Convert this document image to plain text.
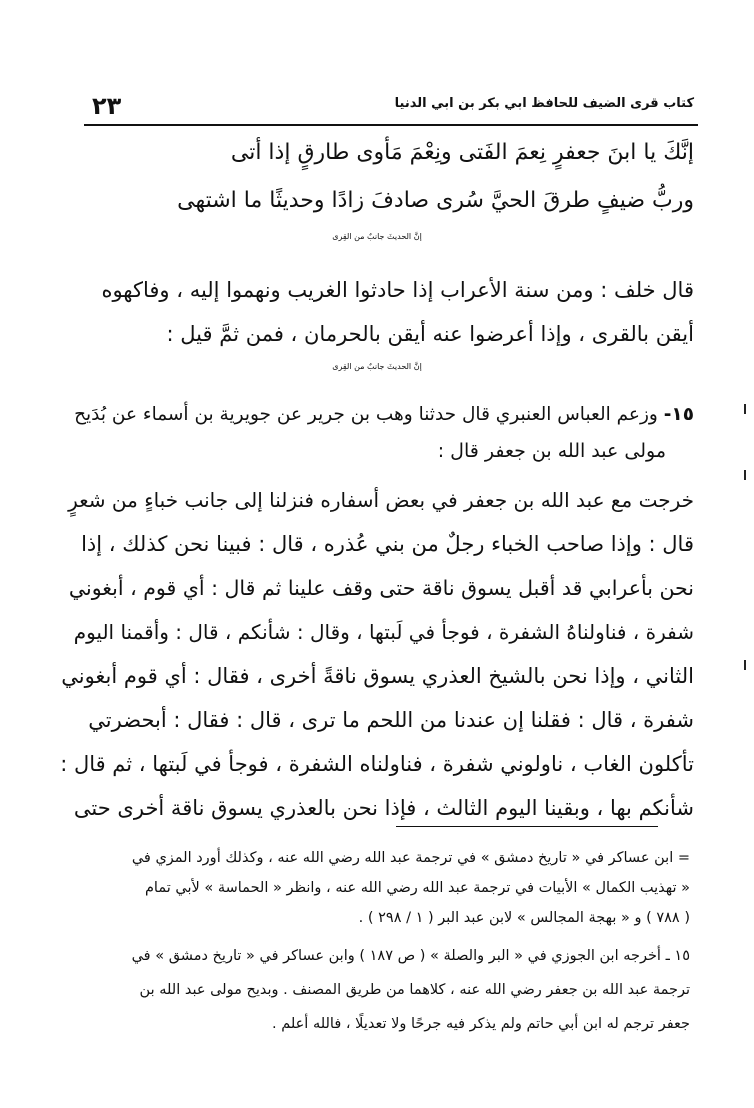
٢٣	كتاب قرى الضيف للحافظ ابي بكر بن ابي الدنيا
إنَّكَ يا ابنَ جعفرٍ نِعمَ الفَتى ونِعْمَ مَأوى طارقٍ إذا أتى
وربُّ ضيفٍ طرقَ الحيَّ سُرى صادفَ زادًا وحديثًا ما اشتهى
إنَّ الحديثَ جانبٌ من القِرى
قال خلف : ومن سنة الأعراب إذا حادثوا الغريب ونهموا إليه ، وفاكهوه
أيقن بالقرى ، وإذا أعرضوا عنه أيقن بالحرمان ، فمن ثمَّ قيل :
إنَّ الحديثَ جانبٌ من القِرى
١٥- وزعم العباس العنبري قال حدثنا وهب بن جرير عن جويرية بن أسماء عن بُدَيح
مولى عبد الله بن جعفر قال :
خرجت مع عبد الله بن جعفر في بعض أسفاره فنزلنا إلى جانب خباءٍ من شعرٍ
قال : وإذا صاحب الخباء رجلٌ من بني عُذره ، قال : فبينا نحن كذلك ، إذا
نحن بأعرابي قد أقبل يسوق ناقة حتى وقف علينا ثم قال : أي قوم ، أبغوني
شفرة ، فناولناهُ الشفرة ، فوجأ في لَبتها ، وقال : شأنكم ، قال : وأقمنا اليوم
الثاني ، وإذا نحن بالشيخ العذري يسوق ناقةً أخرى ، فقال : أي قوم أبغوني
شفرة ، قال : فقلنا إن عندنا من اللحم ما ترى ، قال : فقال : أبحضرتي
تأكلون الغاب ، ناولوني شفرة ، فناولناه الشفرة ، فوجأ في لَبتها ، ثم قال :
شأنكم بها ، وبقينا اليوم الثالث ، فإذا نحن بالعذري يسوق ناقة أخرى حتى
= ابن عساكر في « تاريخ دمشق » في ترجمة عبد الله رضي الله عنه ، وكذلك أورد المزي في
« تهذيب الكمال » الأبيات في ترجمة عبد الله رضي الله عنه ، وانظر « الحماسة » لأبي تمام
( ٧٨٨ ) و « بهجة المجالس » لابن عبد البر ( ١ / ٢٩٨ ) .
١٥ ـ أخرجه ابن الجوزي في « البر والصلة » ( ص ١٨٧ ) وابن عساكر في « تاريخ دمشق » في
ترجمة عبد الله بن جعفر رضي الله عنه ، كلاهما من طريق المصنف . وبديح مولى عبد الله بن
جعفر ترجم له ابن أبي حاتم ولم يذكر فيه جرحًا ولا تعديلًا ، فالله أعلم .
